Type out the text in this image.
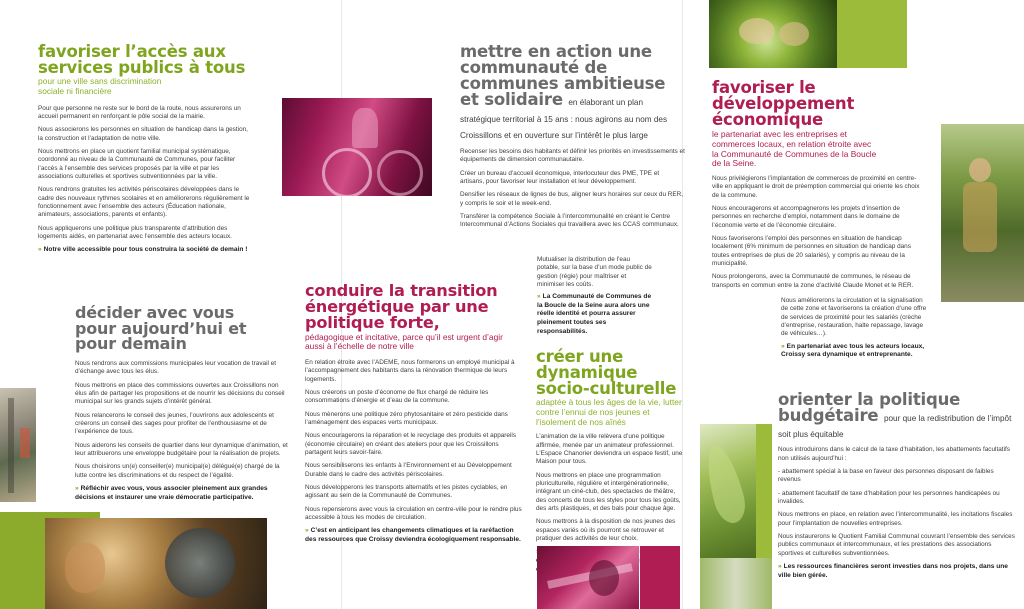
favoriser l’accès aux services publics à tous
pour une ville sans discrimination sociale ni financière

Pour que personne ne reste sur le bord de la route, nous assurerons un accueil permanent en renforçant le pôle social de la mairie.

Nous associerons les personnes en situation de handicap dans la gestion, la construction et l’adaptation de notre ville.

Nous mettrons en place un quotient familial municipal systématique, coordonné au niveau de la Communauté de Communes, pour faciliter l’accès à l’ensemble des services proposés par la ville et par les associations culturelles et sportives subventionnées par la ville.

Nous rendrons gratuites les activités périscolaires développées dans le cadre des nouveaux rythmes scolaires et en améliorerons régulièrement le fonctionnement avec l’ensemble des acteurs (Éducation nationale, animateurs, associations, parents et enfants).

Nous appliquerons une politique plus transparente d’attribution des logements aidés, en partenariat avec l’ensemble des acteurs locaux.

» Notre ville accessible pour tous construira la société de demain !
décider avec vous pour aujourd’hui et pour demain

Nous rendrons aux commissions municipales leur vocation de travail et d’échange avec tous les élus.

Nous mettrons en place des commissions ouvertes aux Croissillons non élus afin de partager les propositions et de nourrir les décisions du conseil municipal sur les grands sujets d’intérêt général.

Nous relancerons le conseil des jeunes, l’ouvrirons aux adolescents et créerons un conseil des sages pour profiter de l’enthousiasme et de l’expérience de tous.

Nous aiderons les conseils de quartier dans leur dynamique d’animation, et leur attribuerons une enveloppe budgétaire pour la réalisation de projets.

Nous choisirons un(e) conseiller(e) municipal(e) délégué(e) chargé de la lutte contre les discriminations et du respect de l’égalité.

» Réfléchir avec vous, vous associer pleinement aux grandes décisions et instaurer une vraie démocratie participative.
mettre en action une communauté de communes ambitieuse et solidaire en élaborant un plan stratégique territorial à 15 ans : nous agirons au nom des Croissillons et en ouverture sur l’intérêt le plus large

Recenser les besoins des habitants et définir les priorités en investissements et équipements de dimension communautaire.

Créer un bureau d’accueil économique, interlocuteur des PME, TPE et artisans, pour favoriser leur installation et leur développement.

Densifier les réseaux de lignes de bus, aligner leurs horaires sur ceux du RER, y compris le soir et le week-end.

Transférer la compétence Sociale à l’intercommunalité en créant le Centre Intercommunal d’Actions Sociales qui travaillera avec les CCAS communaux.

Mutualiser la distribution de l’eau potable, sur la base d’un mode public de gestion (régie) pour maîtriser et minimiser les coûts.
» La Communauté de Communes de la Boucle de la Seine aura alors une réelle identité et pourra assurer pleinement toutes ses responsabilités.
conduire la transition énergétique par une politique forte,
pédagogique et incitative, parce qu’il est urgent d’agir aussi à l’échelle de notre ville

En relation étroite avec l’ADEME, nous formerons un employé municipal à l’accompagnement des habitants dans la rénovation thermique de leurs logements.

Nous créerons un poste d’économe de flux chargé de réduire les consommations d’énergie et d’eau de la commune.

Nous mènerons une politique zéro phytosanitaire et zéro pesticide dans l’aménagement des espaces verts municipaux.

Nous encouragerons la réparation et le recyclage des produits et appareils (économie circulaire) en créant des ateliers pour que les Croissillons partagent leurs savoir-faire.

Nous sensibiliserons les enfants à l’Environnement et au Développement Durable dans le cadre des activités périscolaires.

Nous développerons les transports alternatifs et les pistes cyclables, en agissant au sein de la Communauté de Communes.

Nous repenserons avec vous la circulation en centre-ville pour le rendre plus accessible à tous les modes de circulation.

» C’est en anticipant les changements climatiques et la raréfaction des ressources que Croissy deviendra écologiquement responsable.
créer une dynamique socio-culturelle
adaptée à tous les âges de la vie, lutter contre l’ennui de nos jeunes et l’isolement de nos aînés

L’animation de la ville relèvera d’une politique affirmée, menée par un animateur professionnel. L’Espace Chanorier deviendra un espace festif, une Maison pour tous.

Nous mettrons en place une programmation pluriculturelle, régulière et intergénérationnelle, intégrant un ciné-club, des spectacles de théâtre, des concerts de tous les styles pour tous les goûts, des arts plastiques, et des bals pour chaque âge.

Nous mettrons à la disposition de nos jeunes des espaces variés où ils pourront se retrouver et pratiquer des activités de leur choix.

favoriser le développement économique
le partenariat avec les entreprises et commerces locaux, en relation étroite avec la Communauté de Communes de la Boucle de la Seine.

Nous privilégierons l’implantation de commerces de proximité en centre-ville en appliquant le droit de préemption commercial qui oriente les choix de la commune.

Nous encouragerons et accompagnerons les projets d’insertion de personnes en recherche d’emploi, notamment dans le domaine de l’économie verte et de l’économie circulaire.

Nous favoriserons l’emploi des personnes en situation de handicap localement (6% minimum de personnes en situation de handicap dans toutes entreprises de plus de 20 salariés), y compris au niveau de la municipalité.

Nous prolongerons, avec la Communauté de communes, le réseau de transports en commun entre la zone d’activité Claude Monet et le RER.

Nous améliorerons la circulation et la signalisation de cette zone et favoriserons la création d’une offre de services de proximité pour les salariés (crèche d’entreprise, restauration, halte repassage, lavage de véhicules…).
» En partenariat avec tous les acteurs locaux, Croissy sera dynamique et entreprenante.
orienter la politique budgétaire pour que la redistribution de l’impôt soit plus équitable

Nous introduirons dans le calcul de la taxe d’habitation, les abattements facultatifs non utilisés aujourd’hui :

- abattement spécial à la base en faveur des personnes disposant de faibles revenus

- abattement facultatif de taxe d’habitation pour les personnes handicapées ou invalides.

Nous mettrons en place, en relation avec l’intercommunalité, les incitations fiscales pour l’implantation de nouvelles entreprises.

Nous instaurerons le Quotient Familial Communal couvrant l’ensemble des services publics communaux et intercommunaux, et les prestations des associations sportives et culturelles subventionnées.

» Les ressources financières seront investies dans nos projets, dans une ville bien gérée.
